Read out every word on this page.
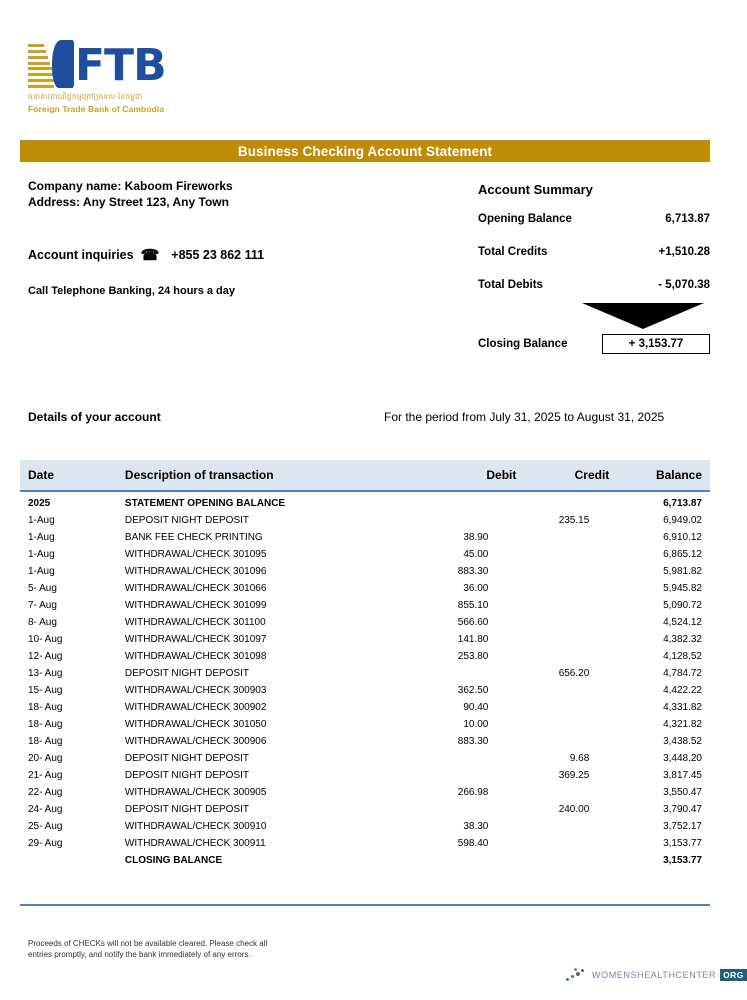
FTB
ធនាគារពាណិជ្ជកម្មក្រៅប្រទេស នៃកម្ពុជា
Foreign Trade Bank of Cambodia
Business Checking Account Statement
Company name: Kaboom Fireworks
Address: Any Street 123, Any Town
Account inquiries ☎ +855 23 862 111
Call Telephone Banking, 24 hours a day
Account Summary
Opening Balance	6,713.87
Total Credits	+1,510.28
Total Debits	- 5,070.38
Closing Balance	+ 3,153.77
Details of your account	For the period from July 31, 2025 to August 31, 2025
Date	Description of transaction	Debit	Credit	Balance
2025	STATEMENT OPENING BALANCE			6,713.87
1-Aug	DEPOSIT NIGHT DEPOSIT		235.15	6,949.02
1-Aug	BANK FEE CHECK PRINTING	38.90		6,910.12
1-Aug	WITHDRAWAL/CHECK 301095	45.00		6,865.12
1-Aug	WITHDRAWAL/CHECK 301096	883.30		5,981.82
5- Aug	WITHDRAWAL/CHECK 301066	36.00		5,945.82
7- Aug	WITHDRAWAL/CHECK 301099	855.10		5,090.72
8- Aug	WITHDRAWAL/CHECK 301100	566.60		4,524.12
10- Aug	WITHDRAWAL/CHECK 301097	141.80		4,382.32
12- Aug	WITHDRAWAL/CHECK 301098	253.80		4,128.52
13- Aug	DEPOSIT NIGHT DEPOSIT		656.20	4,784.72
15- Aug	WITHDRAWAL/CHECK 300903	362.50		4,422.22
18- Aug	WITHDRAWAL/CHECK 300902	90.40		4,331.82
18- Aug	WITHDRAWAL/CHECK 301050	10.00		4,321.82
18- Aug	WITHDRAWAL/CHECK 300906	883.30		3,438.52
20- Aug	DEPOSIT NIGHT DEPOSIT		9.68	3,448.20
21- Aug	DEPOSIT NIGHT DEPOSIT		369.25	3,817.45
22- Aug	WITHDRAWAL/CHECK 300905	266.98		3,550.47
24- Aug	DEPOSIT NIGHT DEPOSIT		240.00	3,790.47
25- Aug	WITHDRAWAL/CHECK 300910	38.30		3,752.17
29- Aug	WITHDRAWAL/CHECK 300911	598.40		3,153.77
	CLOSING BALANCE			3,153.77
Proceeds of CHECKs will not be available cleared. Please check all entries promptly, and notify the bank immediately of any errors.
WOMENSHEALTHCENTER ORG
